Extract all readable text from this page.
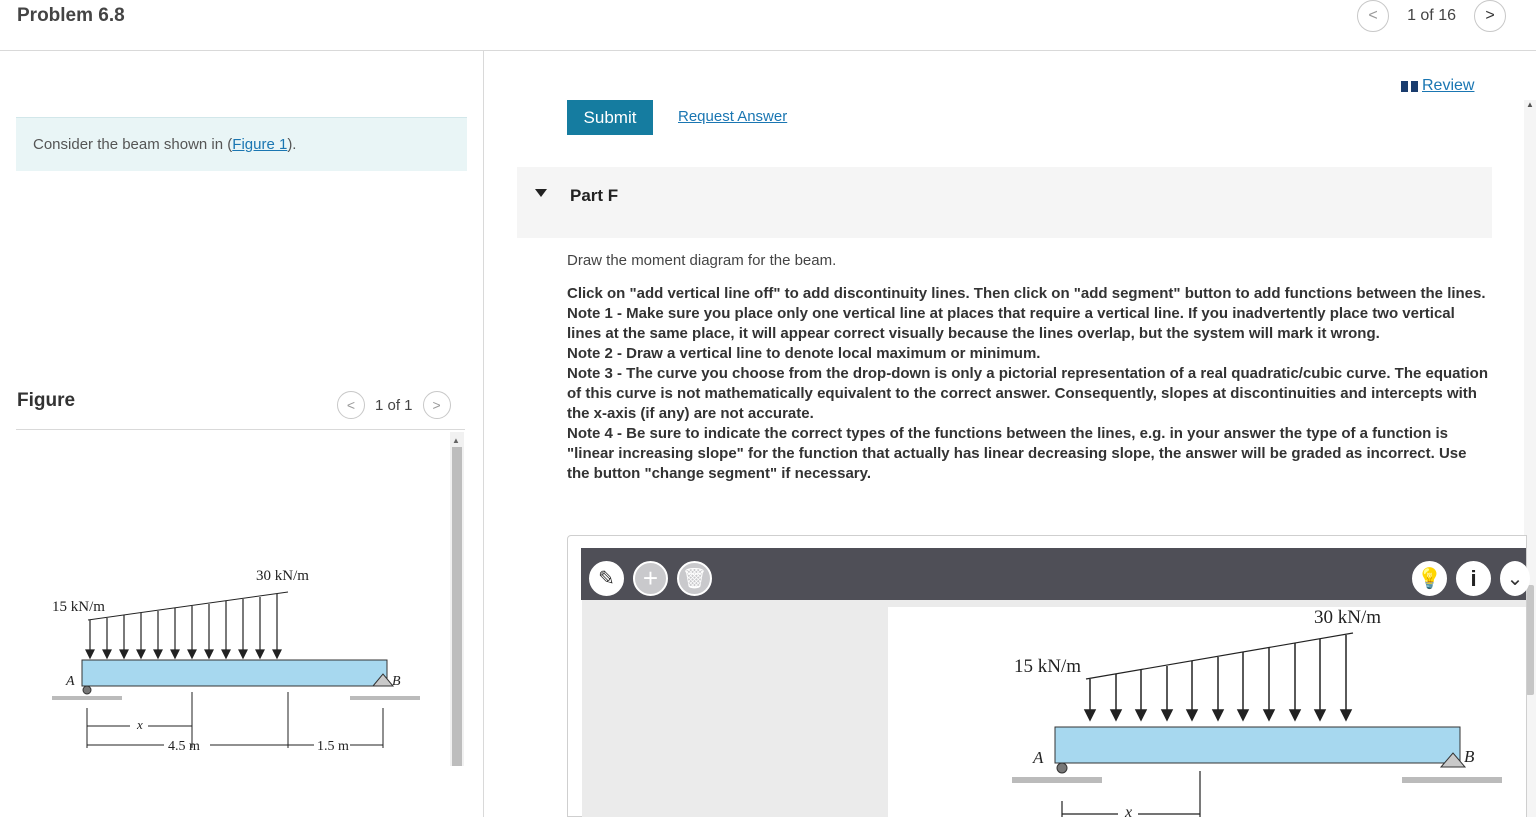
Problem 6.8	<	1 of 16	>
Consider the beam shown in (Figure 1).
Figure	<	1 of 1	>
▲
15 kN/m
30 kN/m
A	B
x
4.5 m	1.5 m
Review
Submit	Request Answer
Part F
Draw the moment diagram for the beam.

Click on "add vertical line off" to add discontinuity lines. Then click on "add segment" button to add functions between the lines.

Note 1 - Make sure you place only one vertical line at places that require a vertical line. If you inadvertently place two vertical lines at the same place, it will appear correct visually because the lines overlap, but the system will mark it wrong.

Note 2 - Draw a vertical line to denote local maximum or minimum.

Note 3 - The curve you choose from the drop-down is only a pictorial representation of a real quadratic/cubic curve. The equation of this curve is not mathematically equivalent to the correct answer. Consequently, slopes at discontinuities and intercepts with the x-axis (if any) are not accurate.

Note 4 - Be sure to indicate the correct types of the functions between the lines, e.g. in your answer the type of a function is "linear increasing slope" for the function that actually has linear decreasing slope, the answer will be graded as incorrect. Use the button "change segment" if necessary.

▲
✎	+	🗑	💡	i	⌄
30 kN/m
15 kN/m
A	B
x
